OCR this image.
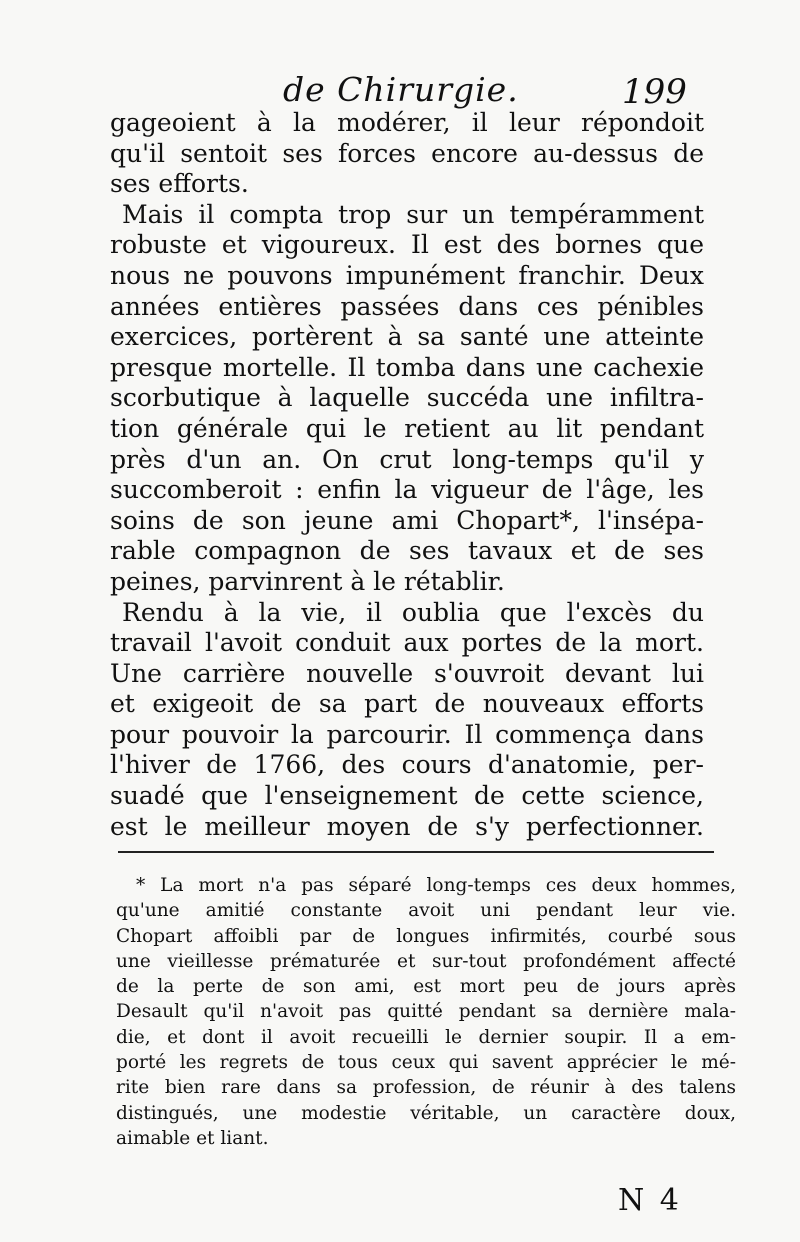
de Chirurgie.	199
gageoient à la modérer, il leur répondoit
qu'il sentoit ses forces encore au-dessus de
ses efforts.
Mais il compta trop sur un tempéramment
robuste et vigoureux. Il est des bornes que
nous ne pouvons impunément franchir. Deux
années entières passées dans ces pénibles
exercices, portèrent à sa santé une atteinte
presque mortelle. Il tomba dans une cachexie
scorbutique à laquelle succéda une infiltra-
tion générale qui le retient au lit pendant
près d'un an. On crut long-temps qu'il y
succomberoit : enfin la vigueur de l'âge, les
soins de son jeune ami Chopart*, l'insépa-
rable compagnon de ses tavaux et de ses
peines, parvinrent à le rétablir.
Rendu à la vie, il oublia que l'excès du
travail l'avoit conduit aux portes de la mort.
Une carrière nouvelle s'ouvroit devant lui
et exigeoit de sa part de nouveaux efforts
pour pouvoir la parcourir. Il commença dans
l'hiver de 1766, des cours d'anatomie, per-
suadé que l'enseignement de cette science,
est le meilleur moyen de s'y perfectionner.
* La mort n'a pas séparé long-temps ces deux hommes,
qu'une amitié constante avoit uni pendant leur vie.
Chopart affoibli par de longues infirmités, courbé sous
une vieillesse prématurée et sur-tout profondément affecté
de la perte de son ami, est mort peu de jours après
Desault qu'il n'avoit pas quitté pendant sa dernière mala-
die, et dont il avoit recueilli le dernier soupir. Il a em-
porté les regrets de tous ceux qui savent apprécier le mé-
rite bien rare dans sa profession, de réunir à des talens
distingués, une modestie véritable, un caractère doux,
aimable et liant.
N 4
